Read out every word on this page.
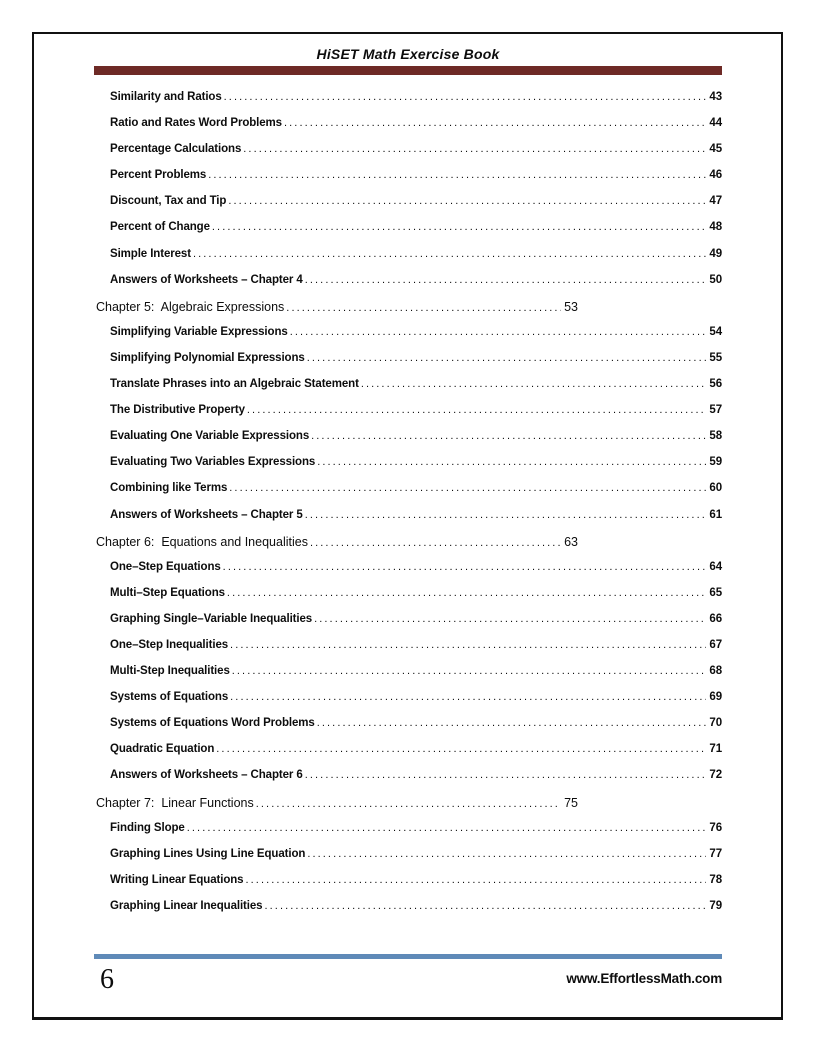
HiSET Math Exercise Book
Similarity and Ratios .....	43
Ratio and Rates Word Problems .....	44
Percentage Calculations .....	45
Percent Problems .....	46
Discount, Tax and Tip .....	47
Percent of Change .....	48
Simple Interest .....	49
Answers of Worksheets – Chapter 4 .....	50
Chapter 5:  Algebraic Expressions .....	53
Simplifying Variable Expressions .....	54
Simplifying Polynomial Expressions .....	55
Translate Phrases into an Algebraic Statement .....	56
The Distributive Property .....	57
Evaluating One Variable Expressions .....	58
Evaluating Two Variables Expressions .....	59
Combining like Terms .....	60
Answers of Worksheets – Chapter 5 .....	61
Chapter 6:  Equations and Inequalities .....	63
One–Step Equations .....	64
Multi–Step Equations .....	65
Graphing Single–Variable Inequalities .....	66
One–Step Inequalities .....	67
Multi-Step Inequalities .....	68
Systems of Equations .....	69
Systems of Equations Word Problems .....	70
Quadratic Equation .....	71
Answers of Worksheets – Chapter 6 .....	72
Chapter 7:  Linear Functions .....	75
Finding Slope .....	76
Graphing Lines Using Line Equation .....	77
Writing Linear Equations .....	78
Graphing Linear Inequalities .....	79
6	www.EffortlessMath.com
